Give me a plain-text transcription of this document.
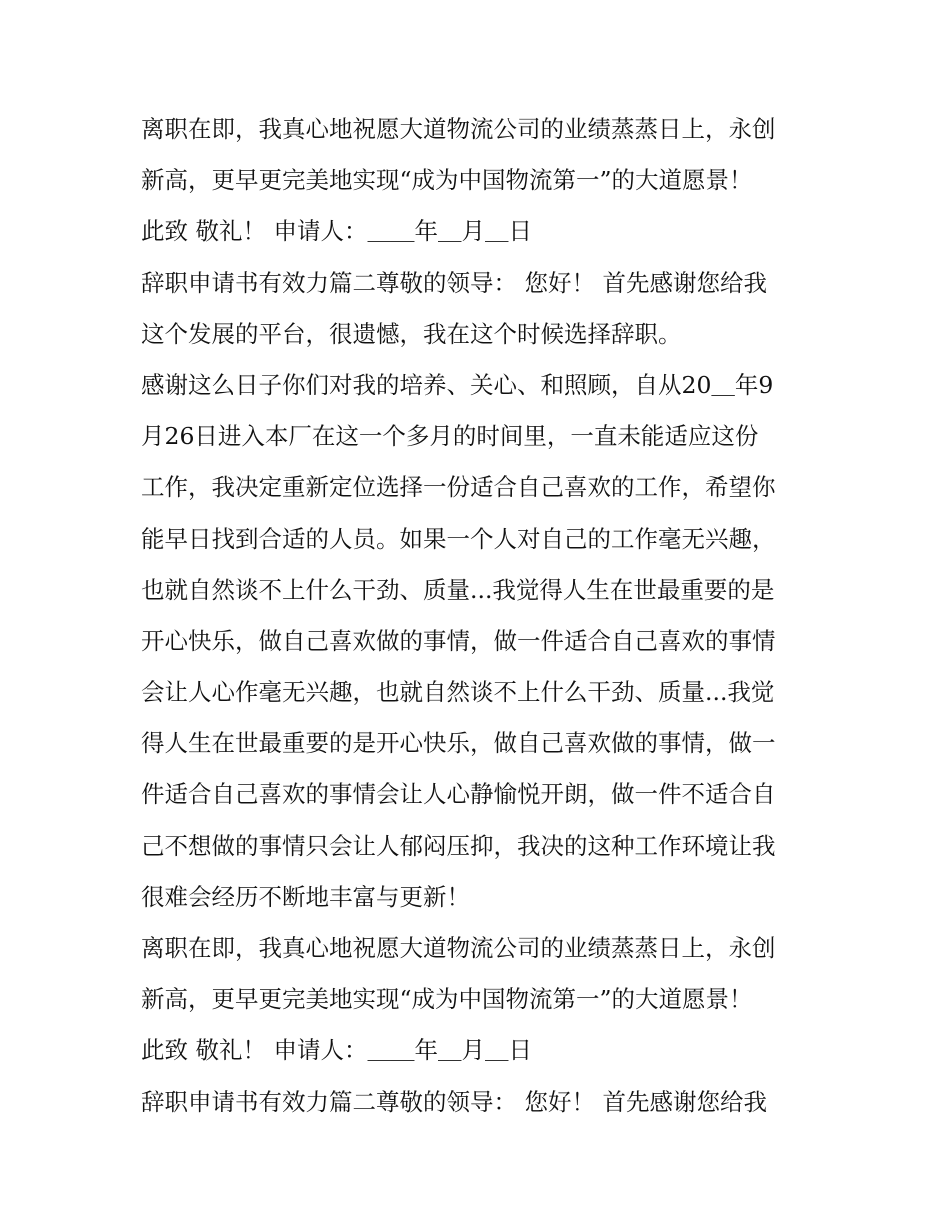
离职在即，我真心地祝愿大道物流公司的业绩蒸蒸日上，永创
新高，更早更完美地实现“成为中国物流第一”的大道愿景！
此致 敬礼！ 申请人：＿＿年＿月＿日
辞职申请书有效力篇二尊敬的领导： 您好！ 首先感谢您给我
这个发展的平台，很遗憾，我在这个时候选择辞职。
感谢这么日子你们对我的培养、关心、和照顾，自从20＿年9
月26日进入本厂在这一个多月的时间里，一直未能适应这份
工作，我决定重新定位选择一份适合自己喜欢的工作，希望你
能早日找到合适的人员。如果一个人对自己的工作毫无兴趣，
也就自然谈不上什么干劲、质量...我觉得人生在世最重要的是
开心快乐，做自己喜欢做的事情，做一件适合自己喜欢的事情
会让人心作毫无兴趣，也就自然谈不上什么干劲、质量...我觉
得人生在世最重要的是开心快乐，做自己喜欢做的事情，做一
件适合自己喜欢的事情会让人心静愉悦开朗，做一件不适合自
己不想做的事情只会让人郁闷压抑，我决的这种工作环境让我
很难会经历不断地丰富与更新！
离职在即，我真心地祝愿大道物流公司的业绩蒸蒸日上，永创
新高，更早更完美地实现“成为中国物流第一”的大道愿景！
此致 敬礼！ 申请人：＿＿年＿月＿日
辞职申请书有效力篇二尊敬的领导： 您好！ 首先感谢您给我
